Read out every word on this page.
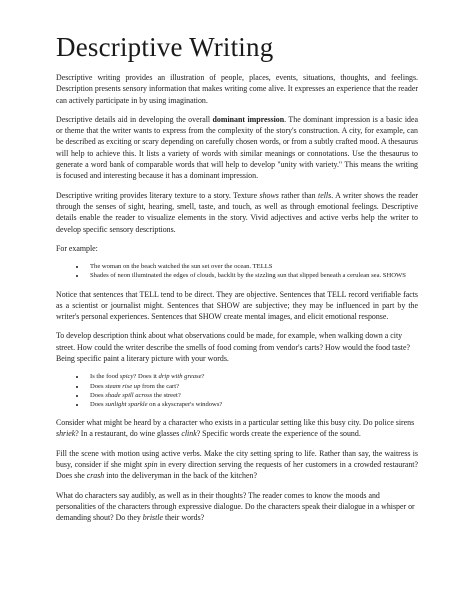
Descriptive Writing

Descriptive writing provides an illustration of people, places, events, situations, thoughts, and feelings. Description presents sensory information that makes writing come alive. It expresses an experience that the reader can actively participate in by using imagination.

Descriptive details aid in developing the overall dominant impression. The dominant impression is a basic idea or theme that the writer wants to express from the complexity of the story's construction. A city, for example, can be described as exciting or scary depending on carefully chosen words, or from a subtly crafted mood. A thesaurus will help to achieve this. It lists a variety of words with similar meanings or connotations. Use the thesaurus to generate a word bank of comparable words that will help to develop "unity with variety." This means the writing is focused and interesting because it has a dominant impression.

Descriptive writing provides literary texture to a story. Texture shows rather than tells. A writer shows the reader through the senses of sight, hearing, smell, taste, and touch, as well as through emotional feelings. Descriptive details enable the reader to visualize elements in the story. Vivid adjectives and active verbs help the writer to develop specific sensory descriptions.

For example:

• The woman on the beach watched the sun set over the ocean. TELLS
• Shades of neon illuminated the edges of clouds, backlit by the sizzling sun that slipped beneath a cerulean sea. SHOWS

Notice that sentences that TELL tend to be direct. They are objective. Sentences that TELL record verifiable facts as a scientist or journalist might. Sentences that SHOW are subjective; they may be influenced in part by the writer's personal experiences. Sentences that SHOW create mental images, and elicit emotional response.

To develop description think about what observations could be made, for example, when walking down a city street. How could the writer describe the smells of food coming from vendor's carts? How would the food taste? Being specific paint a literary picture with your words.

• Is the food spicy? Does it drip with grease?
• Does steam rise up from the cart?
• Does shade spill across the street?
• Does sunlight sparkle on a skyscraper's windows?

Consider what might be heard by a character who exists in a particular setting like this busy city. Do police sirens shriek? In a restaurant, do wine glasses clink? Specific words create the experience of the sound.

Fill the scene with motion using active verbs. Make the city setting spring to life. Rather than say, the waitress is busy, consider if she might spin in every direction serving the requests of her customers in a crowded restaurant? Does she crash into the deliveryman in the back of the kitchen?

What do characters say audibly, as well as in their thoughts? The reader comes to know the moods and personalities of the characters through expressive dialogue. Do the characters speak their dialogue in a whisper or demanding shout? Do they bristle their words?
